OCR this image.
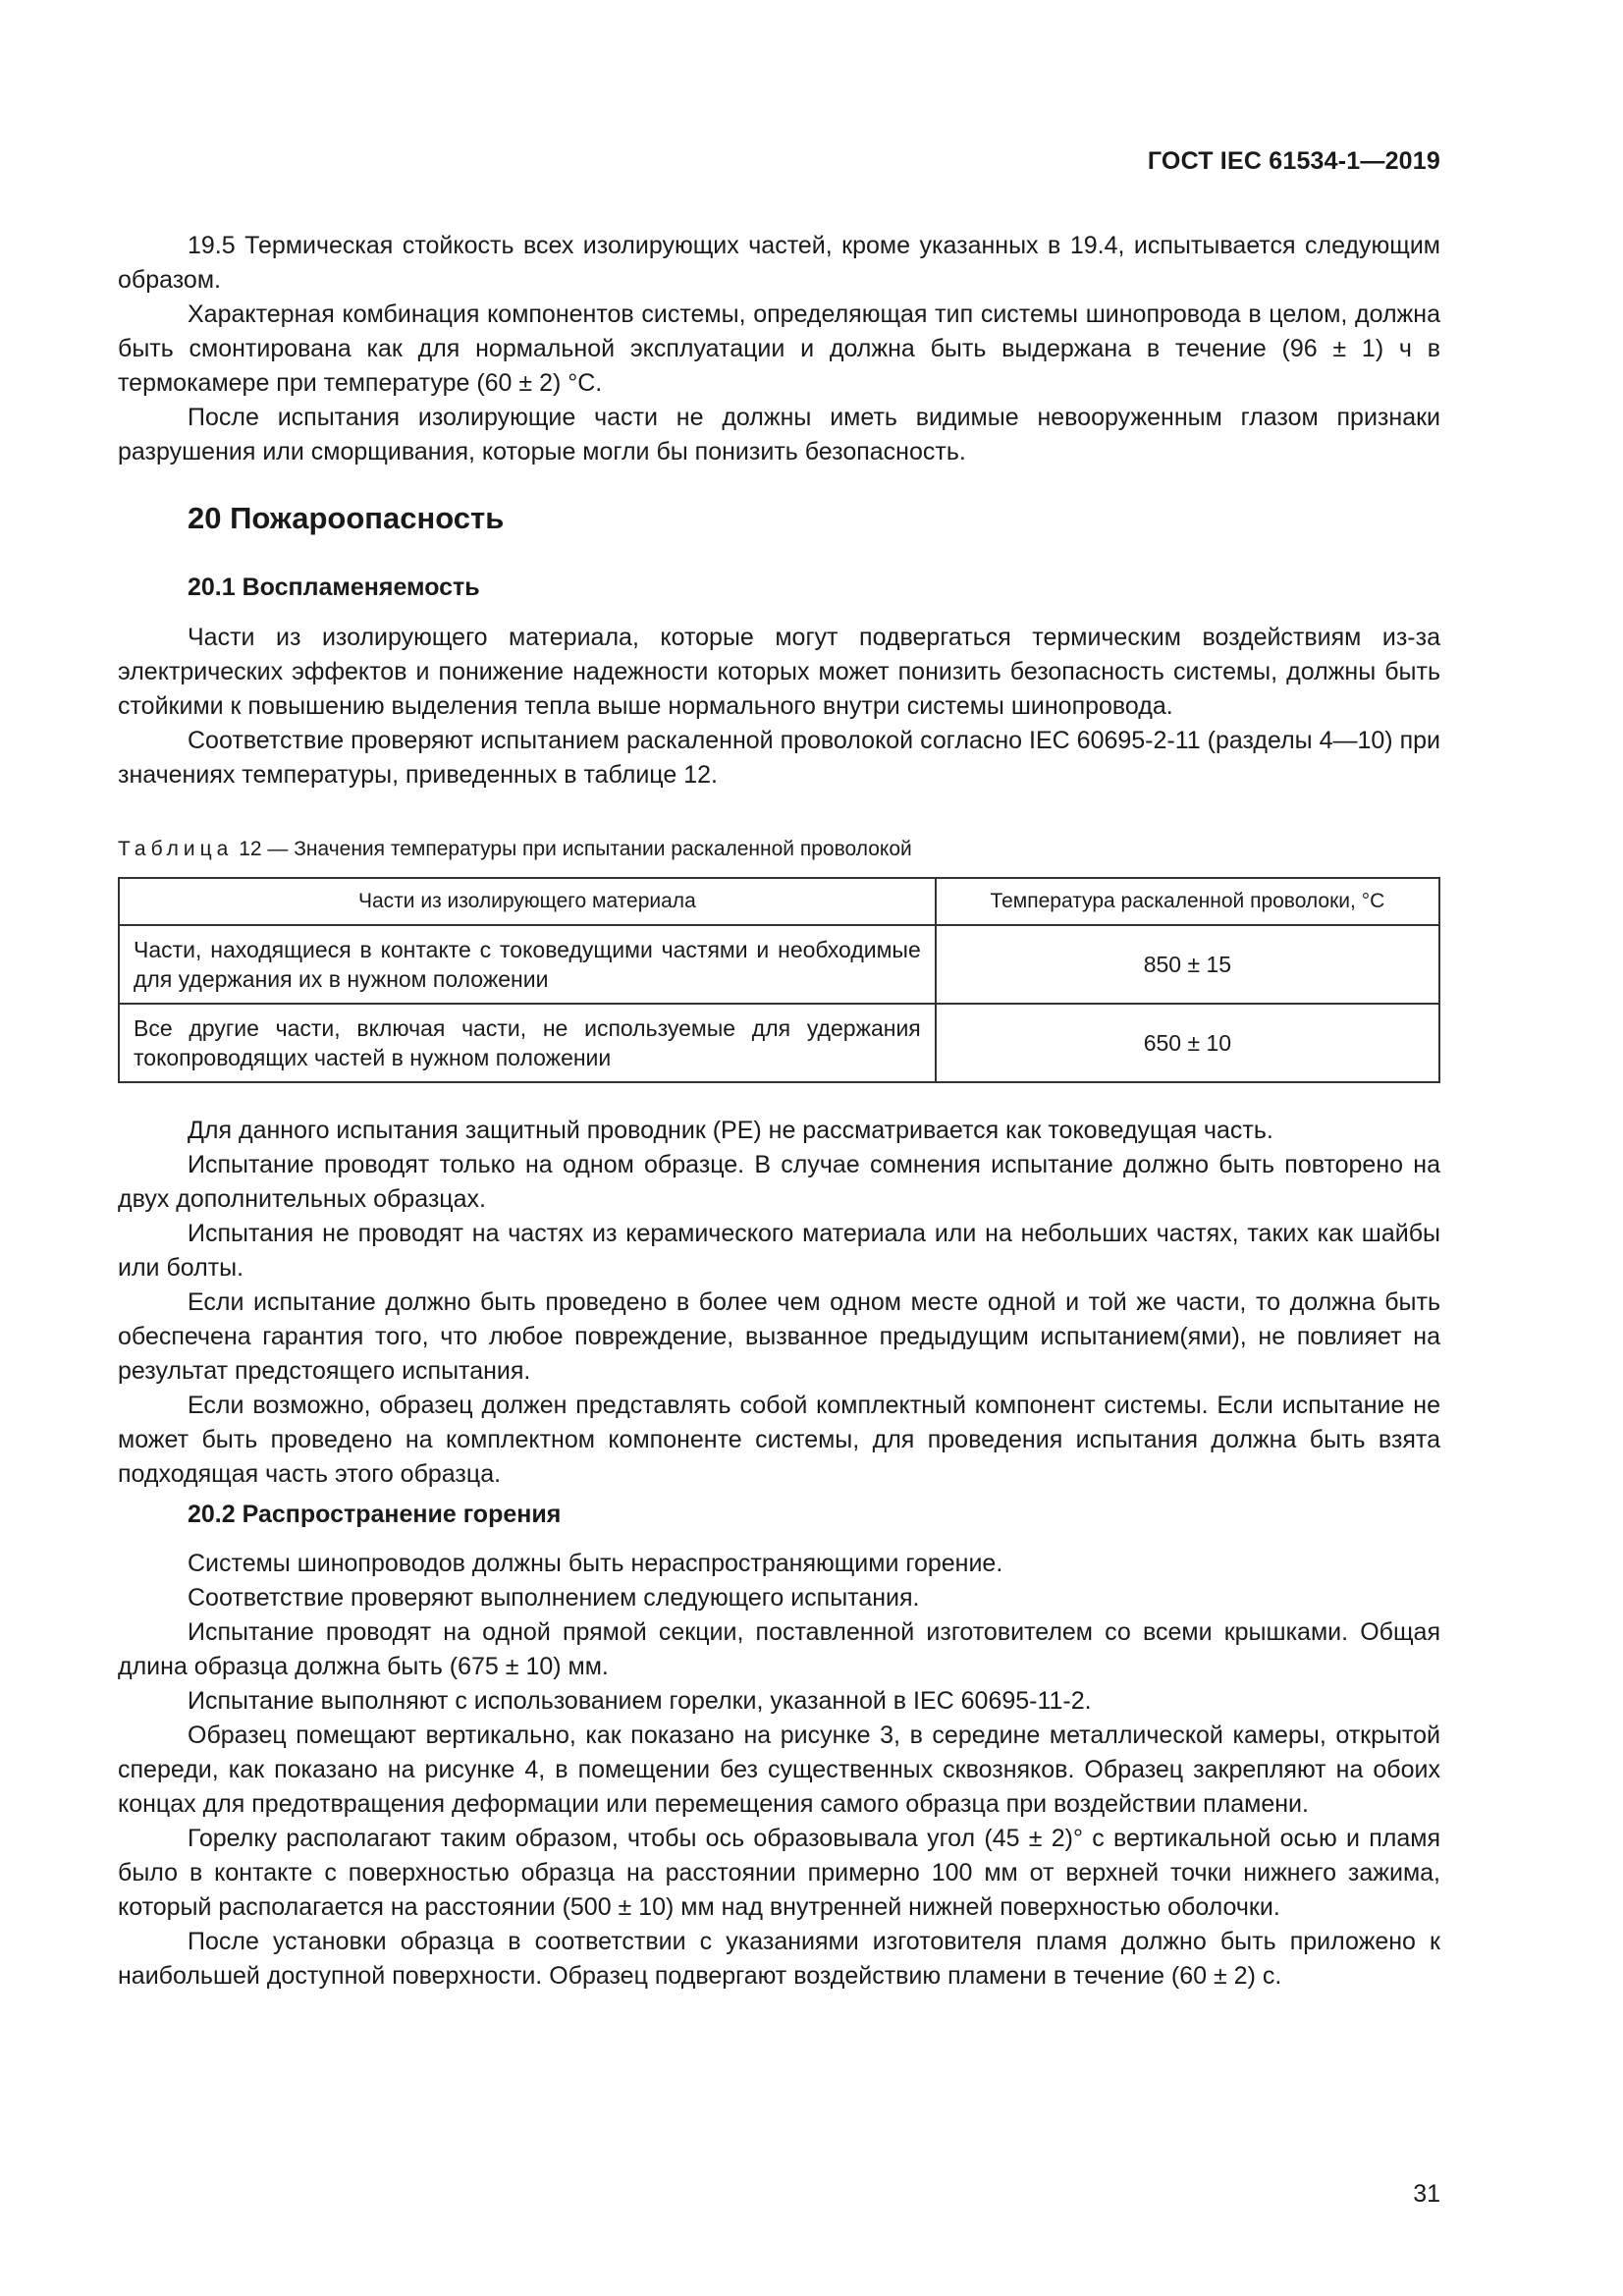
ГОСТ IEC 61534-1—2019

19.5 Термическая стойкость всех изолирующих частей, кроме указанных в 19.4, испытывается следующим образом.

Характерная комбинация компонентов системы, определяющая тип системы шинопровода в целом, должна быть смонтирована как для нормальной эксплуатации и должна быть выдержана в течение (96 ± 1) ч в термокамере при температуре (60 ± 2) °С.

После испытания изолирующие части не должны иметь видимые невооруженным глазом признаки разрушения или сморщивания, которые могли бы понизить безопасность.

20 Пожароопасность
20.1 Воспламеняемость

Части из изолирующего материала, которые могут подвергаться термическим воздействиям из-за электрических эффектов и понижение надежности которых может понизить безопасность системы, должны быть стойкими к повышению выделения тепла выше нормального внутри системы шинопровода.

Соответствие проверяют испытанием раскаленной проволокой согласно IEC 60695-2-11 (разделы 4—10) при значениях температуры, приведенных в таблице 12.

Таблица 12 — Значения температуры при испытании раскаленной проволокой
Части из изолирующего материала	Температура раскаленной проволоки, °С
Части, находящиеся в контакте с токоведущими частями и необходимые для удержания их в нужном положении	850 ± 15
Все другие части, включая части, не используемые для удержания токопроводящих частей в нужном положении	650 ± 10

Для данного испытания защитный проводник (PE) не рассматривается как токоведущая часть.

Испытание проводят только на одном образце. В случае сомнения испытание должно быть повторено на двух дополнительных образцах.

Испытания не проводят на частях из керамического материала или на небольших частях, таких как шайбы или болты.

Если испытание должно быть проведено в более чем одном месте одной и той же части, то должна быть обеспечена гарантия того, что любое повреждение, вызванное предыдущим испытанием(ями), не повлияет на результат предстоящего испытания.

Если возможно, образец должен представлять собой комплектный компонент системы. Если испытание не может быть проведено на комплектном компоненте системы, для проведения испытания должна быть взята подходящая часть этого образца.

20.2 Распространение горения

Системы шинопроводов должны быть нераспространяющими горение.

Соответствие проверяют выполнением следующего испытания.

Испытание проводят на одной прямой секции, поставленной изготовителем со всеми крышками. Общая длина образца должна быть (675 ± 10) мм.

Испытание выполняют с использованием горелки, указанной в IEC 60695-11-2.

Образец помещают вертикально, как показано на рисунке 3, в середине металлической камеры, открытой спереди, как показано на рисунке 4, в помещении без существенных сквозняков. Образец закрепляют на обоих концах для предотвращения деформации или перемещения самого образца при воздействии пламени.

Горелку располагают таким образом, чтобы ось образовывала угол (45 ± 2)° с вертикальной осью и пламя было в контакте с поверхностью образца на расстоянии примерно 100 мм от верхней точки нижнего зажима, который располагается на расстоянии (500 ± 10) мм над внутренней нижней поверхностью оболочки.

После установки образца в соответствии с указаниями изготовителя пламя должно быть приложено к наибольшей доступной поверхности. Образец подвергают воздействию пламени в течение (60 ± 2) с.

31
